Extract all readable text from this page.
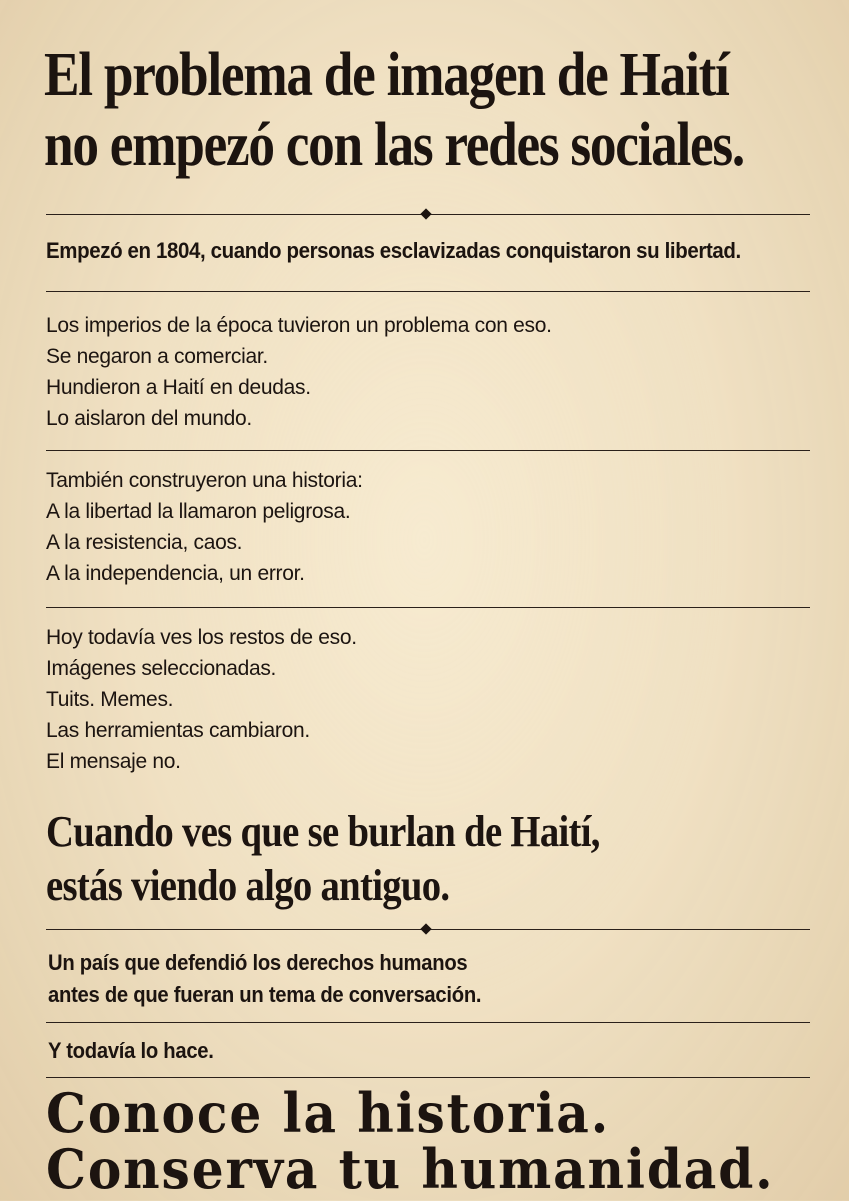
El problema de imagen de Haití
no empezó con las redes sociales.
Empezó en 1804, cuando personas esclavizadas conquistaron su libertad.
Los imperios de la época tuvieron un problema con eso.
Se negaron a comerciar.
Hundieron a Haití en deudas.
Lo aislaron del mundo.
También construyeron una historia:
A la libertad la llamaron peligrosa.
A la resistencia, caos.
A la independencia, un error.
Hoy todavía ves los restos de eso.
Imágenes seleccionadas.
Tuits. Memes.
Las herramientas cambiaron.
El mensaje no.
Cuando ves que se burlan de Haití,
estás viendo algo antiguo.
Un país que defendió los derechos humanos
antes de que fueran un tema de conversación.
Y todavía lo hace.
Conoce la historia.
Conserva tu humanidad.
